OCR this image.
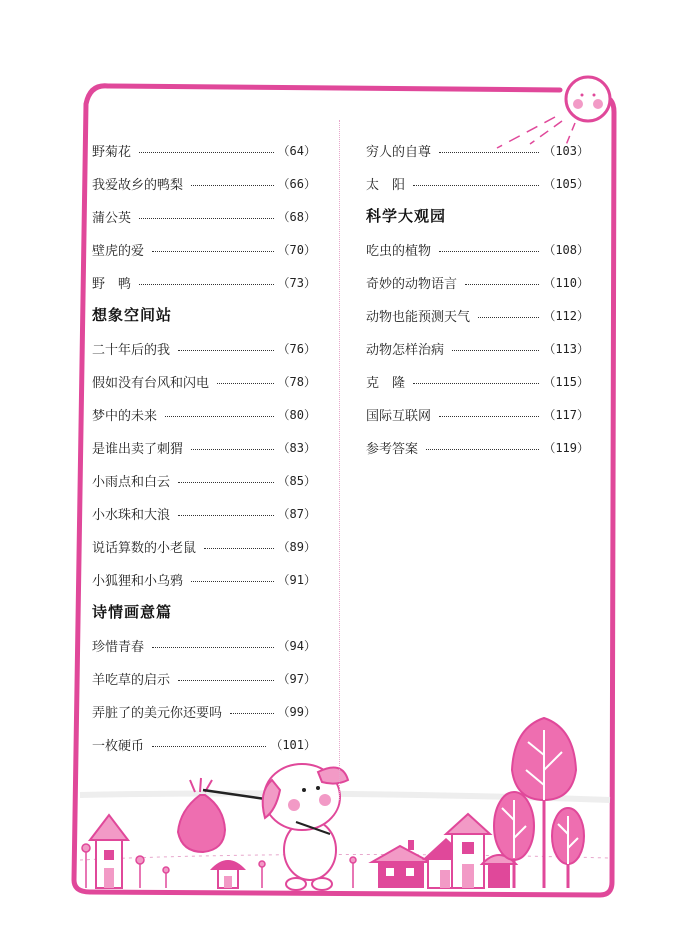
野菊花	（64）
我爱故乡的鸭梨	（66）
蒲公英	（68）
壁虎的爱	（70）
野　鸭	（73）
想象空间站
二十年后的我	（76）
假如没有台风和闪电	（78）
梦中的未来	（80）
是谁出卖了刺猬	（83）
小雨点和白云	（85）
小水珠和大浪	（87）
说话算数的小老鼠	（89）
小狐狸和小乌鸦	（91）
诗情画意篇
珍惜青春	（94）
羊吃草的启示	（97）
弄脏了的美元你还要吗	（99）
一枚硬币	（101）
穷人的自尊	（103）
太　阳	（105）
科学大观园
吃虫的植物	（108）
奇妙的动物语言	（110）
动物也能预测天气	（112）
动物怎样治病	（113）
克　隆	（115）
国际互联网	（117）
参考答案	（119）
